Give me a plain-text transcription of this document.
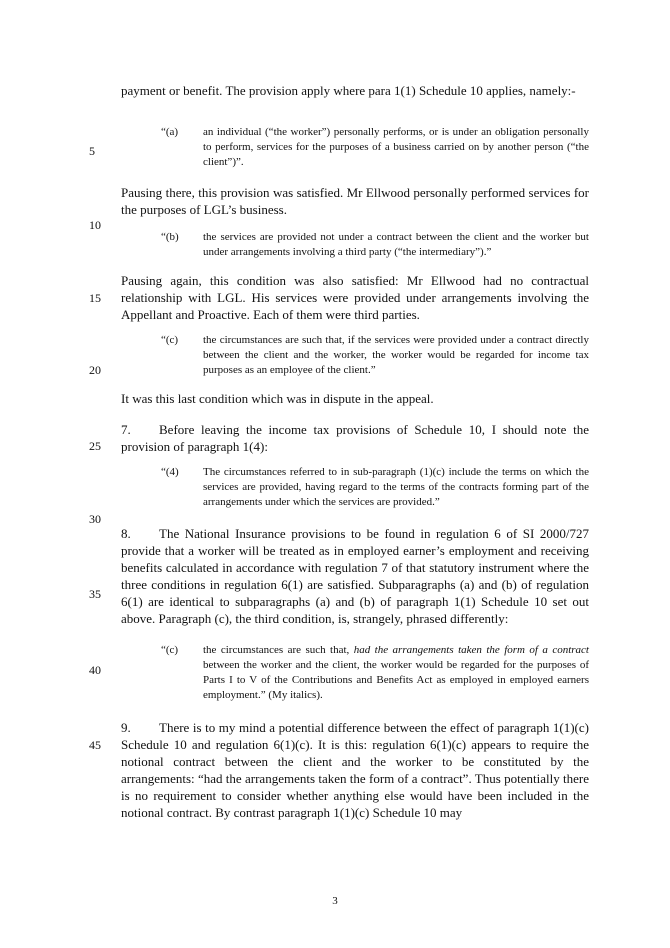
5
10
15
20
25
30
35
40
45
payment or benefit. The provision apply where para 1(1) Schedule 10 applies, namely:-
“(a)	an individual (“the worker”) personally performs, or is under an obligation personally to perform, services for the purposes of a business carried on by another person (“the client”)”.
Pausing there, this provision was satisfied. Mr Ellwood personally performed services for the purposes of LGL’s business.
“(b)	the services are provided not under a contract between the client and the worker but under arrangements involving a third party (“the intermediary”).”
Pausing again, this condition was also satisfied: Mr Ellwood had no contractual relationship with LGL. His services were provided under arrangements involving the Appellant and Proactive. Each of them were third parties.
“(c)	the circumstances are such that, if the services were provided under a contract directly between the client and the worker, the worker would be regarded for income tax purposes as an employee of the client.”
It was this last condition which was in dispute in the appeal.
7. Before leaving the income tax provisions of Schedule 10, I should note the provision of paragraph 1(4):
“(4)	The circumstances referred to in sub-paragraph (1)(c) include the terms on which the services are provided, having regard to the terms of the contracts forming part of the arrangements under which the services are provided.”
8. The National Insurance provisions to be found in regulation 6 of SI 2000/727 provide that a worker will be treated as in employed earner’s employment and receiving benefits calculated in accordance with regulation 7 of that statutory instrument where the three conditions in regulation 6(1) are satisfied. Subparagraphs (a) and (b) of regulation 6(1) are identical to subparagraphs (a) and (b) of paragraph 1(1) Schedule 10 set out above. Paragraph (c), the third condition, is, strangely, phrased differently:
“(c)	the circumstances are such that, had the arrangements taken the form of a contract between the worker and the client, the worker would be regarded for the purposes of Parts I to V of the Contributions and Benefits Act as employed in employed earners employment.” (My italics).
9. There is to my mind a potential difference between the effect of paragraph 1(1)(c) Schedule 10 and regulation 6(1)(c). It is this: regulation 6(1)(c) appears to require the notional contract between the client and the worker to be constituted by the arrangements: “had the arrangements taken the form of a contract”. Thus potentially there is no requirement to consider whether anything else would have been included in the notional contract. By contrast paragraph 1(1)(c) Schedule 10 may
3
